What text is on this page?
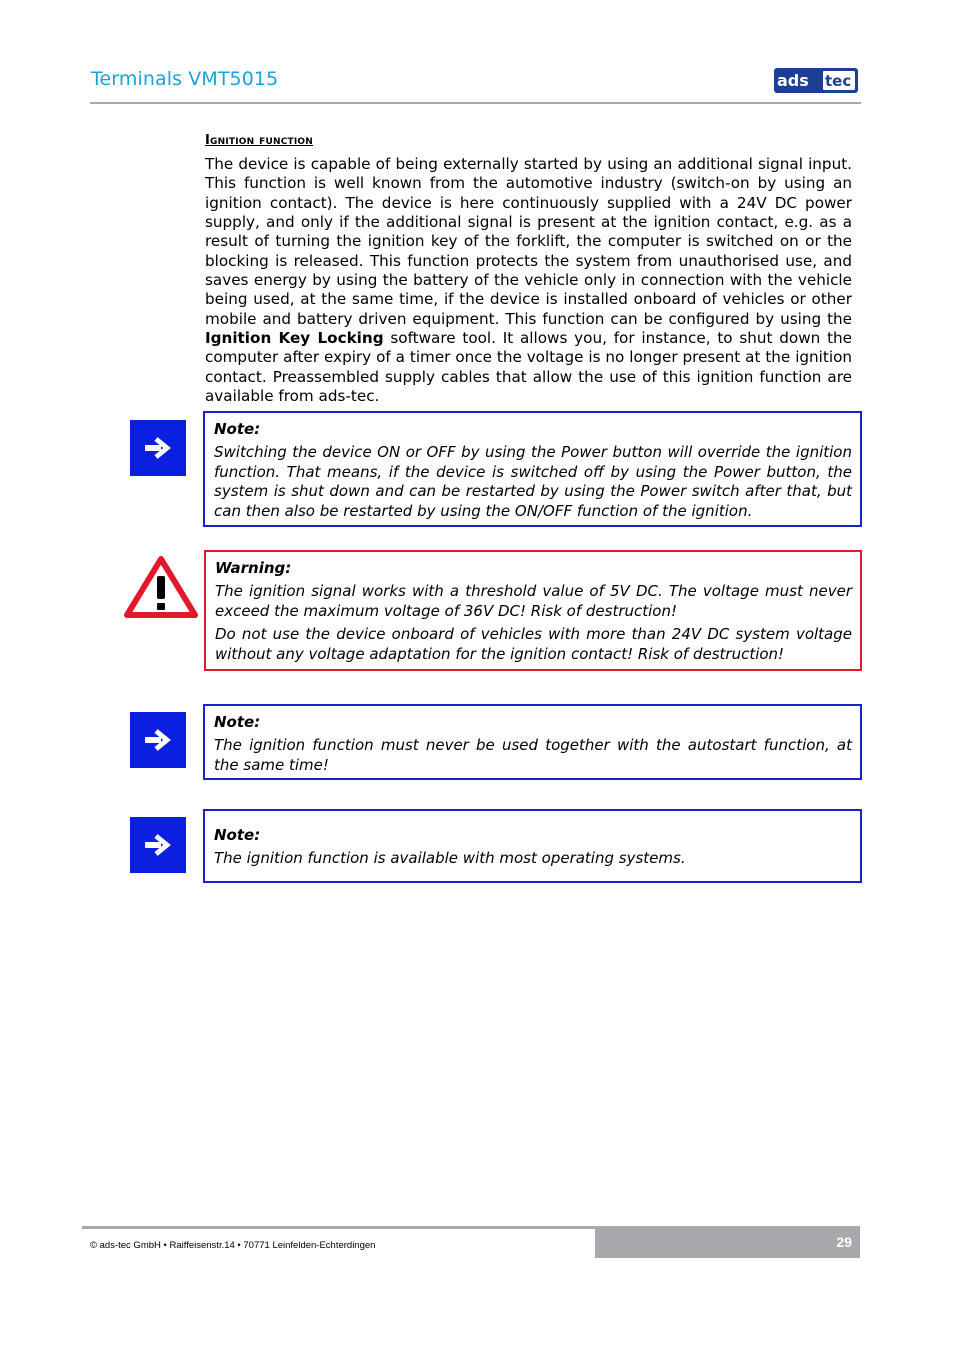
Terminals VMT5015	ads tec
Ignition function
The device is capable of being externally started by using an additional signal input. This function is well known from the automotive industry (switch-on by using an ignition contact). The device is here continuously supplied with a 24V DC power supply, and only if the additional signal is present at the ignition contact, e.g. as a result of turning the ignition key of the forklift, the computer is switched on or the blocking is released. This function protects the system from unauthorised use, and saves energy by using the battery of the vehicle only in connection with the vehicle being used, at the same time, if the device is installed onboard of vehicles or other mobile and battery driven equipment. This function can be configured by using the Ignition Key Locking software tool. It allows you, for instance, to shut down the computer after expiry of a timer once the voltage is no longer present at the ignition contact. Preassembled supply cables that allow the use of this ignition function are available from ads-tec.
Note:
Switching the device ON or OFF by using the Power button will override the ignition function. That means, if the device is switched off by using the Power button, the system is shut down and can be restarted by using the Power switch after that, but can then also be restarted by using the ON/OFF function of the ignition.
Warning:
The ignition signal works with a threshold value of 5V DC. The voltage must never exceed the maximum voltage of 36V DC! Risk of destruction!
Do not use the device onboard of vehicles with more than 24V DC system voltage without any voltage adaptation for the ignition contact! Risk of destruction!
Note:
The ignition function must never be used together with the autostart function, at the same time!
Note:
The ignition function is available with most operating systems.
© ads-tec GmbH • Raiffeisenstr.14 • 70771 Leinfelden-Echterdingen	29
